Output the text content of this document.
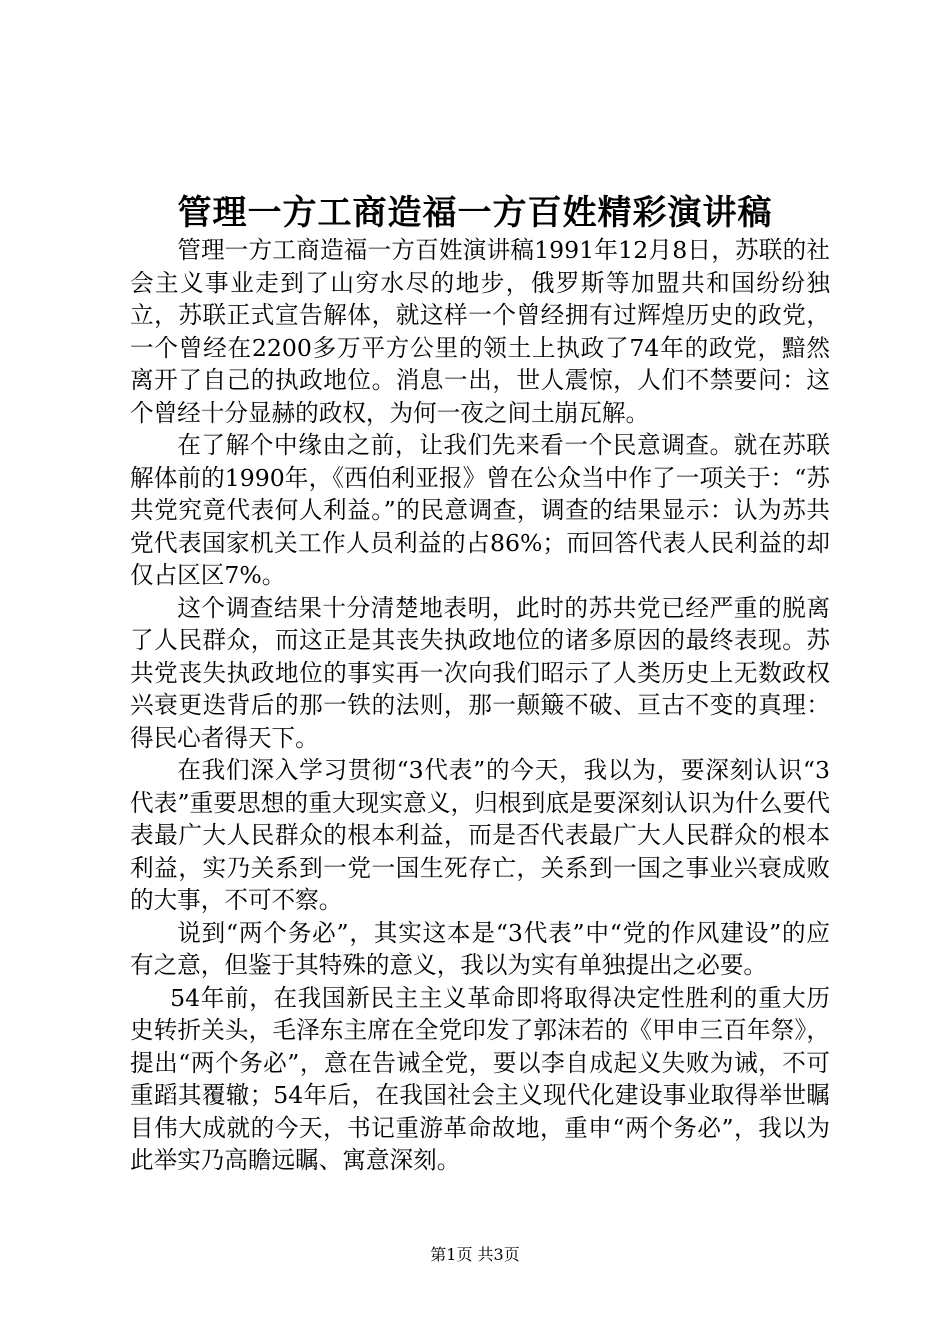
管理一方工商造福一方百姓精彩演讲稿

管理一方工商造福一方百姓演讲稿1991年12月8日，苏联的社会主义事业走到了山穷水尽的地步，俄罗斯等加盟共和国纷纷独立，苏联正式宣告解体，就这样一个曾经拥有过辉煌历史的政党，一个曾经在2200多万平方公里的领土上执政了74年的政党，黯然离开了自己的执政地位。消息一出，世人震惊，人们不禁要问：这个曾经十分显赫的政权，为何一夜之间土崩瓦解。

在了解个中缘由之前，让我们先来看一个民意调查。就在苏联解体前的1990年，《西伯利亚报》曾在公众当中作了一项关于：“苏共党究竟代表何人利益。”的民意调查，调查的结果显示：认为苏共党代表国家机关工作人员利益的占86%；而回答代表人民利益的却仅占区区7%。

这个调查结果十分清楚地表明，此时的苏共党已经严重的脱离了人民群众，而这正是其丧失执政地位的诸多原因的最终表现。苏共党丧失执政地位的事实再一次向我们昭示了人类历史上无数政权兴衰更迭背后的那一铁的法则，那一颠簸不破、亘古不变的真理：得民心者得天下。

在我们深入学习贯彻“3代表”的今天，我以为，要深刻认识“3代表”重要思想的重大现实意义，归根到底是要深刻认识为什么要代表最广大人民群众的根本利益，而是否代表最广大人民群众的根本利益，实乃关系到一党一国生死存亡，关系到一国之事业兴衰成败的大事，不可不察。

说到“两个务必”，其实这本是“3代表”中“党的作风建设”的应有之意，但鉴于其特殊的意义，我以为实有单独提出之必要。

54年前，在我国新民主主义革命即将取得决定性胜利的重大历史转折关头，毛泽东主席在全党印发了郭沫若的《甲申三百年祭》，提出“两个务必”，意在告诫全党，要以李自成起义失败为诫，不可重蹈其覆辙；54年后，在我国社会主义现代化建设事业取得举世瞩目伟大成就的今天，书记重游革命故地，重申“两个务必”，我以为此举实乃高瞻远瞩、寓意深刻。

第1页 共3页
